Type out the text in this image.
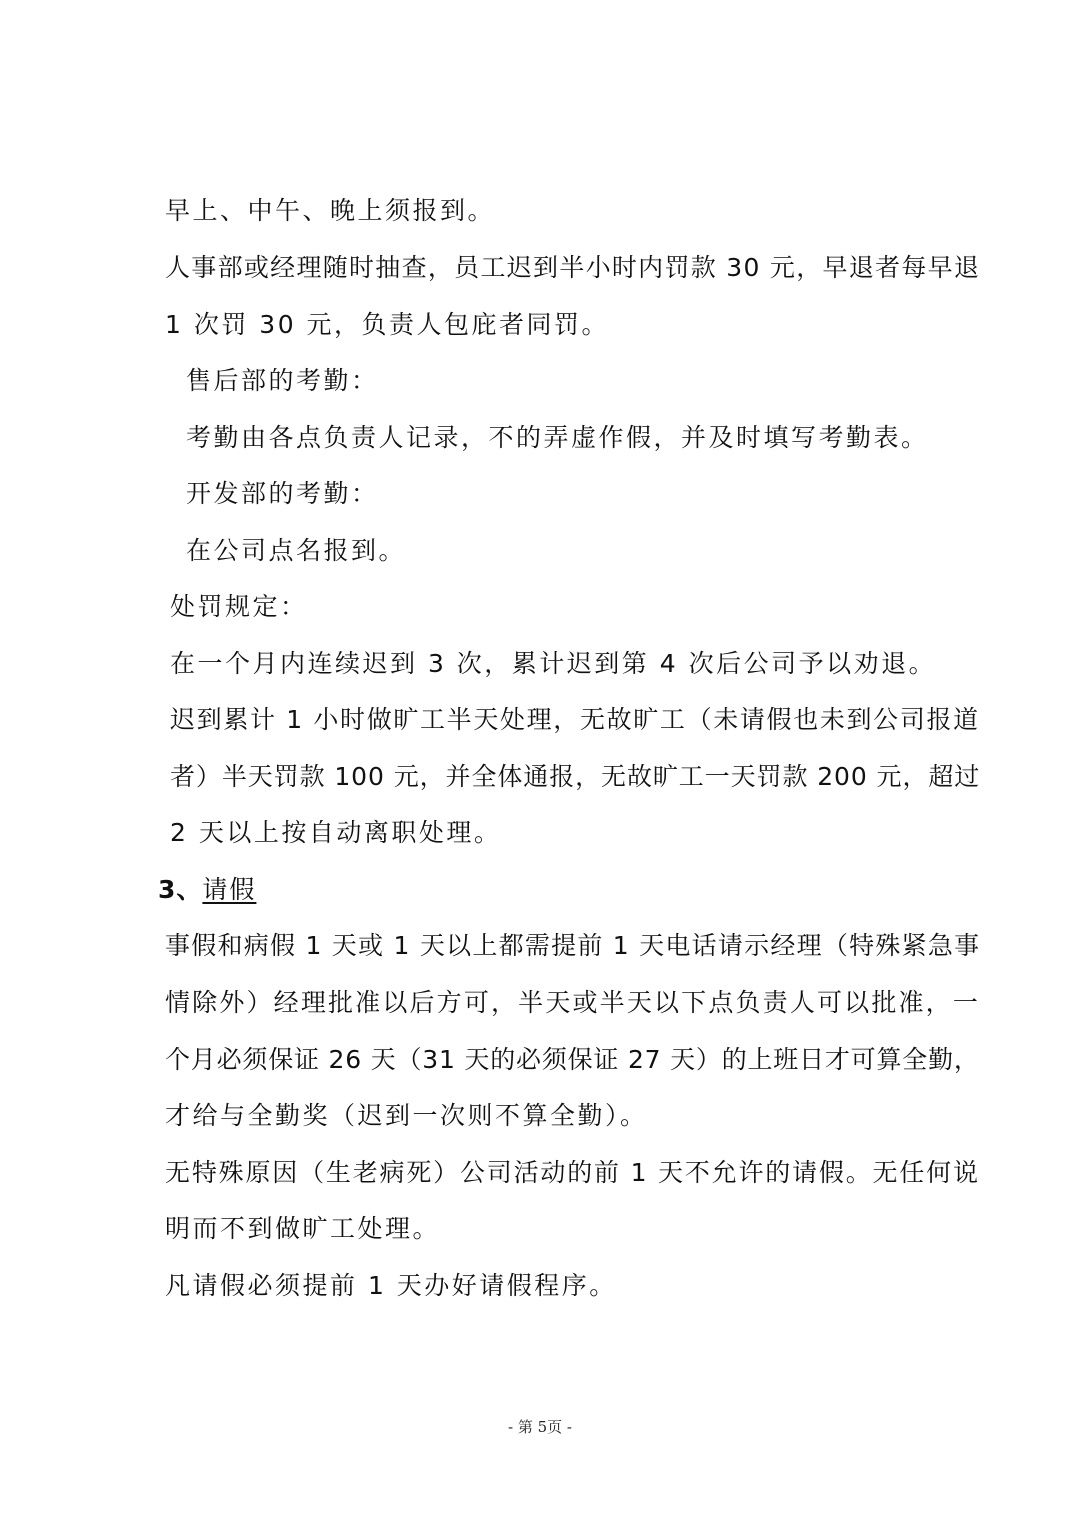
早上、中午、晚上须报到。
人事部或经理随时抽查，员工迟到半小时内罚款 30 元，早退者每早退
1 次罚 30 元，负责人包庇者同罚。
售后部的考勤：
考勤由各点负责人记录，不的弄虚作假，并及时填写考勤表。
开发部的考勤：
在公司点名报到。
处罚规定：
在一个月内连续迟到 3 次，累计迟到第 4 次后公司予以劝退。
迟到累计 1 小时做旷工半天处理，无故旷工（未请假也未到公司报道
者）半天罚款 100 元，并全体通报，无故旷工一天罚款 200 元，超过
2 天以上按自动离职处理。
3、请假
事假和病假 1 天或 1 天以上都需提前 1 天电话请示经理（特殊紧急事
情除外）经理批准以后方可，半天或半天以下点负责人可以批准，一
个月必须保证 26 天（31 天的必须保证 27 天）的上班日才可算全勤，
才给与全勤奖（迟到一次则不算全勤）。
无特殊原因（生老病死）公司活动的前 1 天不允许的请假。无任何说
明而不到做旷工处理。
凡请假必须提前 1 天办好请假程序。
- 第 5页 -
